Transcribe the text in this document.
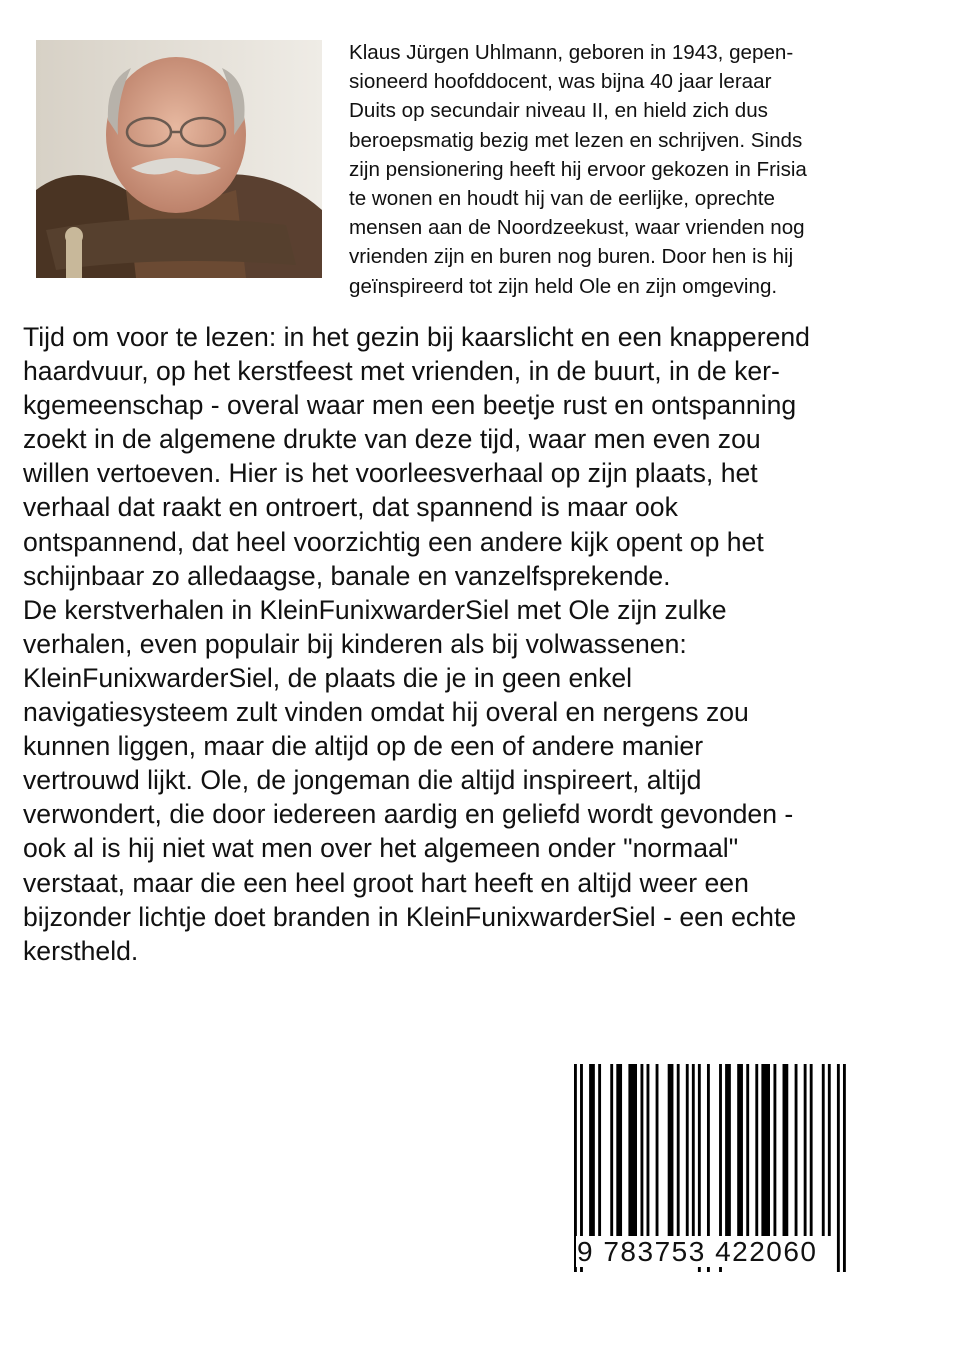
Klaus Jürgen Uhlmann, geboren in 1943, gepen-
sioneerd hoofddocent, was bijna 40 jaar leraar
Duits op secundair niveau II, en hield zich dus
beroepsmatig bezig met lezen en schrijven. Sinds
zijn pensionering heeft hij ervoor gekozen in Frisia
te wonen en houdt hij van de eerlijke, oprechte
mensen aan de Noordzeekust, waar vrienden nog
vrienden zijn en buren nog buren. Door hen is hij
geïnspireerd tot zijn held Ole en zijn omgeving.

Tijd om voor te lezen: in het gezin bij kaarslicht en een knapperend
haardvuur, op het kerstfeest met vrienden, in de buurt, in de ker-
kgemeenschap - overal waar men een beetje rust en ontspanning
zoekt in de algemene drukte van deze tijd, waar men even zou
willen vertoeven. Hier is het voorleesverhaal op zijn plaats, het
verhaal dat raakt en ontroert, dat spannend is maar ook
ontspannend, dat heel voorzichtig een andere kijk opent op het
schijnbaar zo alledaagse, banale en vanzelfsprekende.
De kerstverhalen in KleinFunixwarderSiel met Ole zijn zulke
verhalen, even populair bij kinderen als bij volwassenen:
KleinFunixwarderSiel, de plaats die je in geen enkel
navigatiesysteem zult vinden omdat hij overal en nergens zou
kunnen liggen, maar die altijd op de een of andere manier
vertrouwd lijkt. Ole, de jongeman die altijd inspireert, altijd
verwondert, die door iedereen aardig en geliefd wordt gevonden -
ook al is hij niet wat men over het algemeen onder "normaal"
verstaat, maar die een heel groot hart heeft en altijd weer een
bijzonder lichtje doet branden in KleinFunixwarderSiel - een echte
kerstheld.

9 783753 422060
